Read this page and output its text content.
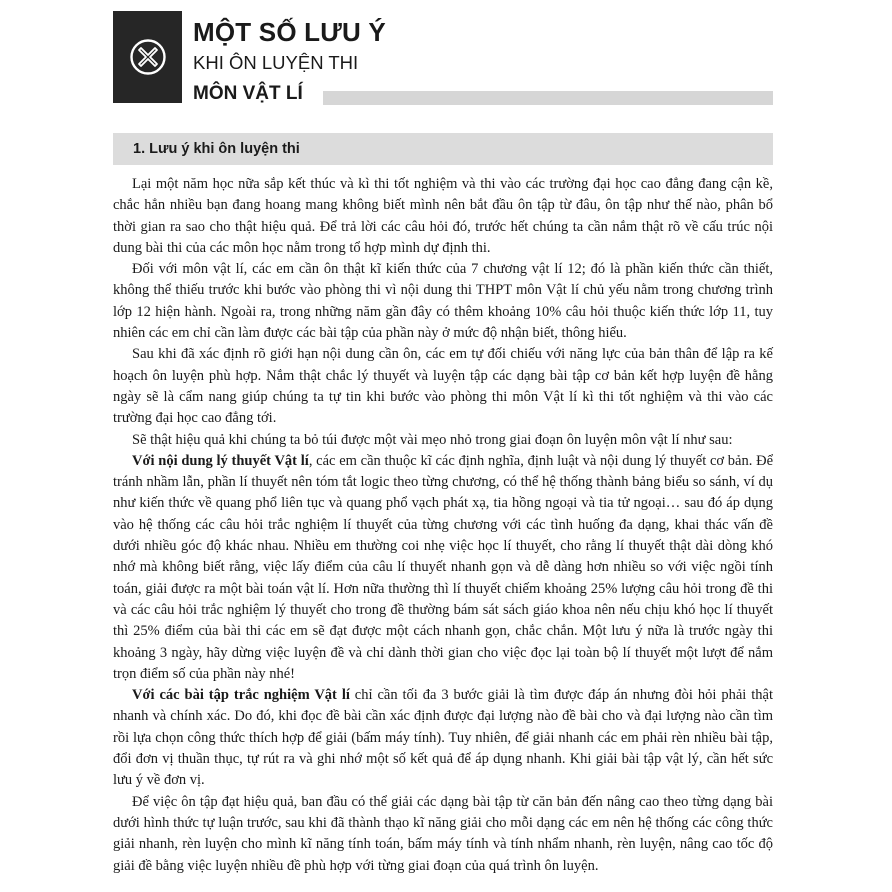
MỘT SỐ LƯU Ý
KHI ÔN LUYỆN THI
MÔN VẬT LÍ
1. Lưu ý khi ôn luyện thi

Lại một năm học nữa sắp kết thúc và kì thi tốt nghiệm và thi vào các trường đại học cao đẳng đang cận kề, chắc hẳn nhiều bạn đang hoang mang không biết mình nên bắt đầu ôn tập từ đâu, ôn tập như thế nào, phân bổ thời gian ra sao cho thật hiệu quả. Để trả lời các câu hỏi đó, trước hết chúng ta cần nắm thật rõ về cấu trúc nội dung bài thi của các môn học nằm trong tổ hợp mình dự định thi.

Đối với môn vật lí, các em cần ôn thật kĩ kiến thức của 7 chương vật lí 12; đó là phần kiến thức cần thiết, không thể thiếu trước khi bước vào phòng thi vì nội dung thi THPT môn Vật lí chủ yếu nằm trong chương trình lớp 12 hiện hành. Ngoài ra, trong những năm gần đây có thêm khoảng 10% câu hỏi thuộc kiến thức lớp 11, tuy nhiên các em chỉ cần làm được các bài tập của phần này ở mức độ nhận biết, thông hiểu.

Sau khi đã xác định rõ giới hạn nội dung cần ôn, các em tự đối chiếu với năng lực của bản thân để lập ra kế hoạch ôn luyện phù hợp. Nắm thật chắc lý thuyết và luyện tập các dạng bài tập cơ bản kết hợp luyện đề hằng ngày sẽ là cẩm nang giúp chúng ta tự tin khi bước vào phòng thi môn Vật lí kì thi tốt nghiệm và thi vào các trường đại học cao đẳng tới.

Sẽ thật hiệu quả khi chúng ta bỏ túi được một vài mẹo nhỏ trong giai đoạn ôn luyện môn vật lí như sau:

Với nội dung lý thuyết Vật lí, các em cần thuộc kĩ các định nghĩa, định luật và nội dung lý thuyết cơ bản. Để tránh nhầm lẫn, phần lí thuyết nên tóm tắt logic theo từng chương, có thể hệ thống thành bảng biểu so sánh, ví dụ như kiến thức về quang phổ liên tục và quang phổ vạch phát xạ, tia hồng ngoại và tia tử ngoại… sau đó áp dụng vào hệ thống các câu hỏi trắc nghiệm lí thuyết của từng chương với các tình huống đa dạng, khai thác vấn đề dưới nhiều góc độ khác nhau. Nhiều em thường coi nhẹ việc học lí thuyết, cho rằng lí thuyết thật dài dòng khó nhớ mà không biết rằng, việc lấy điểm của câu lí thuyết nhanh gọn và dễ dàng hơn nhiều so với việc ngồi tính toán, giải được ra một bài toán vật lí. Hơn nữa thường thì lí thuyết chiếm khoảng 25% lượng câu hỏi trong đề thi và các câu hỏi trắc nghiệm lý thuyết cho trong đề thường bám sát sách giáo khoa nên nếu chịu khó học lí thuyết thì 25% điểm của bài thi các em sẽ đạt được một cách nhanh gọn, chắc chắn. Một lưu ý nữa là trước ngày thi khoảng 3 ngày, hãy dừng việc luyện đề và chỉ dành thời gian cho việc đọc lại toàn bộ lí thuyết một lượt để nắm trọn điểm số của phần này nhé!

Với các bài tập trắc nghiệm Vật lí chỉ cần tối đa 3 bước giải là tìm được đáp án nhưng đòi hỏi phải thật nhanh và chính xác. Do đó, khi đọc đề bài cần xác định được đại lượng nào đề bài cho và đại lượng nào cần tìm rồi lựa chọn công thức thích hợp để giải (bấm máy tính). Tuy nhiên, để giải nhanh các em phải rèn nhiều bài tập, đổi đơn vị thuần thục, tự rút ra và ghi nhớ một số kết quả để áp dụng nhanh. Khi giải bài tập vật lý, cần hết sức lưu ý về đơn vị.

Để việc ôn tập đạt hiệu quả, ban đầu có thể giải các dạng bài tập từ căn bản đến nâng cao theo từng dạng bài dưới hình thức tự luận trước, sau khi đã thành thạo kĩ năng giải cho mỗi dạng các em nên hệ thống các công thức giải nhanh, rèn luyện cho mình kĩ năng tính toán, bấm máy tính và tính nhẩm nhanh, rèn luyện, nâng cao tốc độ giải đề bằng việc luyện nhiều đề phù hợp với từng giai đoạn của quá trình ôn luyện.
